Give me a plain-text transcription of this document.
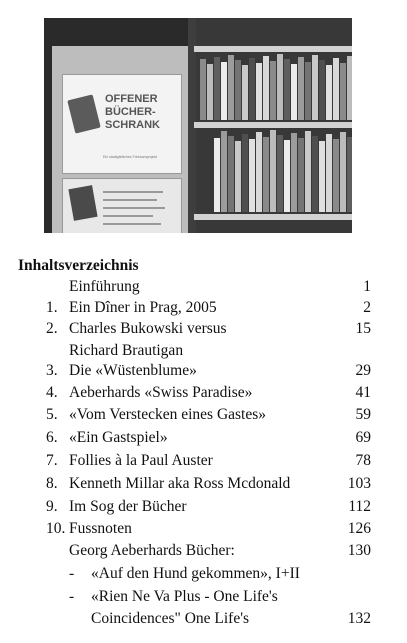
OFFENER BÜCHER-SCHRANK
Ein stadtgärtliches Freiraumprojekt
Inhaltsverzeichnis
Einführung	1
1. Ein Dîner in Prag, 2005	2
2. Charles Bukowski versus	15
Richard Brautigan
3. Die «Wüstenblume»	29
4. Aeberhards «Swiss Paradise»	41
5. «Vom Verstecken eines Gastes»	59
6. «Ein Gastspiel»	69
7. Follies à la Paul Auster	78
8. Kenneth Millar aka Ross Mcdonald	103
9. Im Sog der Bücher	112
10. Fussnoten	126
Georg Aeberhards Bücher:	130
- «Auf den Hund gekommen», I+II
- «Rien Ne Va Plus - One Life's
Coincidences" One Life's	132
